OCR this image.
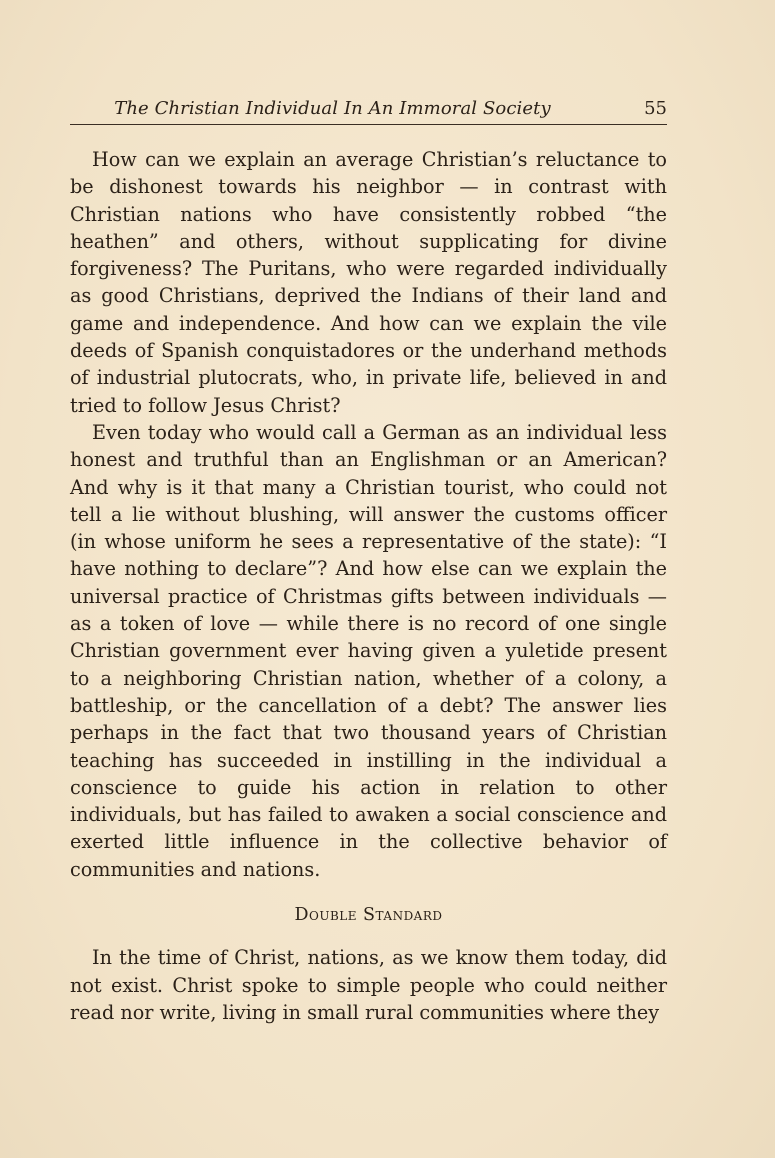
The Christian Individual In An Immoral Society	55

How can we explain an average Christian’s reluctance to be dishonest towards his neighbor — in contrast with Christian nations who have consistently robbed “the heathen” and others, without supplicating for divine forgiveness? The Puritans, who were regarded individually as good Christians, deprived the Indians of their land and game and independence. And how can we explain the vile deeds of Spanish conquistadores or the underhand methods of industrial plutocrats, who, in private life, believed in and tried to follow Jesus Christ?

Even today who would call a German as an individual less honest and truthful than an Englishman or an American? And why is it that many a Christian tourist, who could not tell a lie without blushing, will answer the customs officer (in whose uniform he sees a representative of the state): “I have nothing to declare”? And how else can we explain the universal practice of Christmas gifts between individuals — as a token of love — while there is no record of one single Christian government ever having given a yuletide present to a neighboring Christian nation, whether of a colony, a battleship, or the cancellation of a debt? The answer lies perhaps in the fact that two thousand years of Christian teaching has succeeded in instilling in the individual a conscience to guide his action in relation to other individuals, but has failed to awaken a social conscience and exerted little influence in the collective behavior of communities and nations.

Double Standard

In the time of Christ, nations, as we know them today, did not exist. Christ spoke to simple people who could neither read nor write, living in small rural communities where they
